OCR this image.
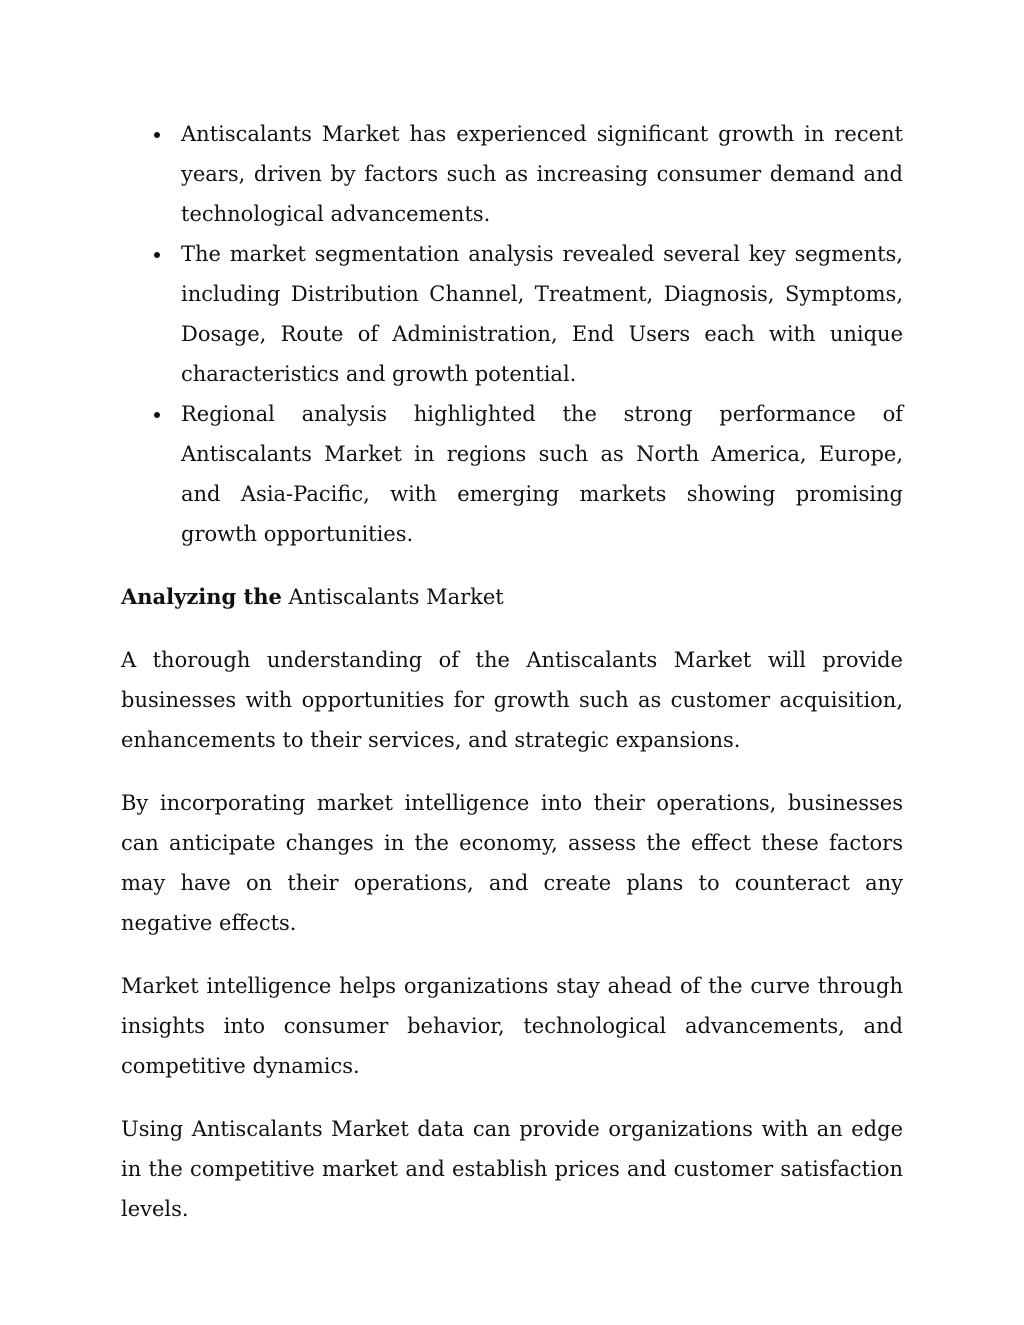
Antiscalants Market has experienced significant growth in recent years, driven by factors such as increasing consumer demand and technological advancements.
The market segmentation analysis revealed several key segments, including Distribution Channel, Treatment, Diagnosis, Symptoms, Dosage, Route of Administration, End Users each with unique characteristics and growth potential.
Regional analysis highlighted the strong performance of Antiscalants Market in regions such as North America, Europe, and Asia-Pacific, with emerging markets showing promising growth opportunities.
Analyzing the Antiscalants Market

A thorough understanding of the Antiscalants Market will provide businesses with opportunities for growth such as customer acquisition, enhancements to their services, and strategic expansions.

By incorporating market intelligence into their operations, businesses can anticipate changes in the economy, assess the effect these factors may have on their operations, and create plans to counteract any negative effects.

Market intelligence helps organizations stay ahead of the curve through insights into consumer behavior, technological advancements, and competitive dynamics.

Using Antiscalants Market data can provide organizations with an edge in the competitive market and establish prices and customer satisfaction levels.
